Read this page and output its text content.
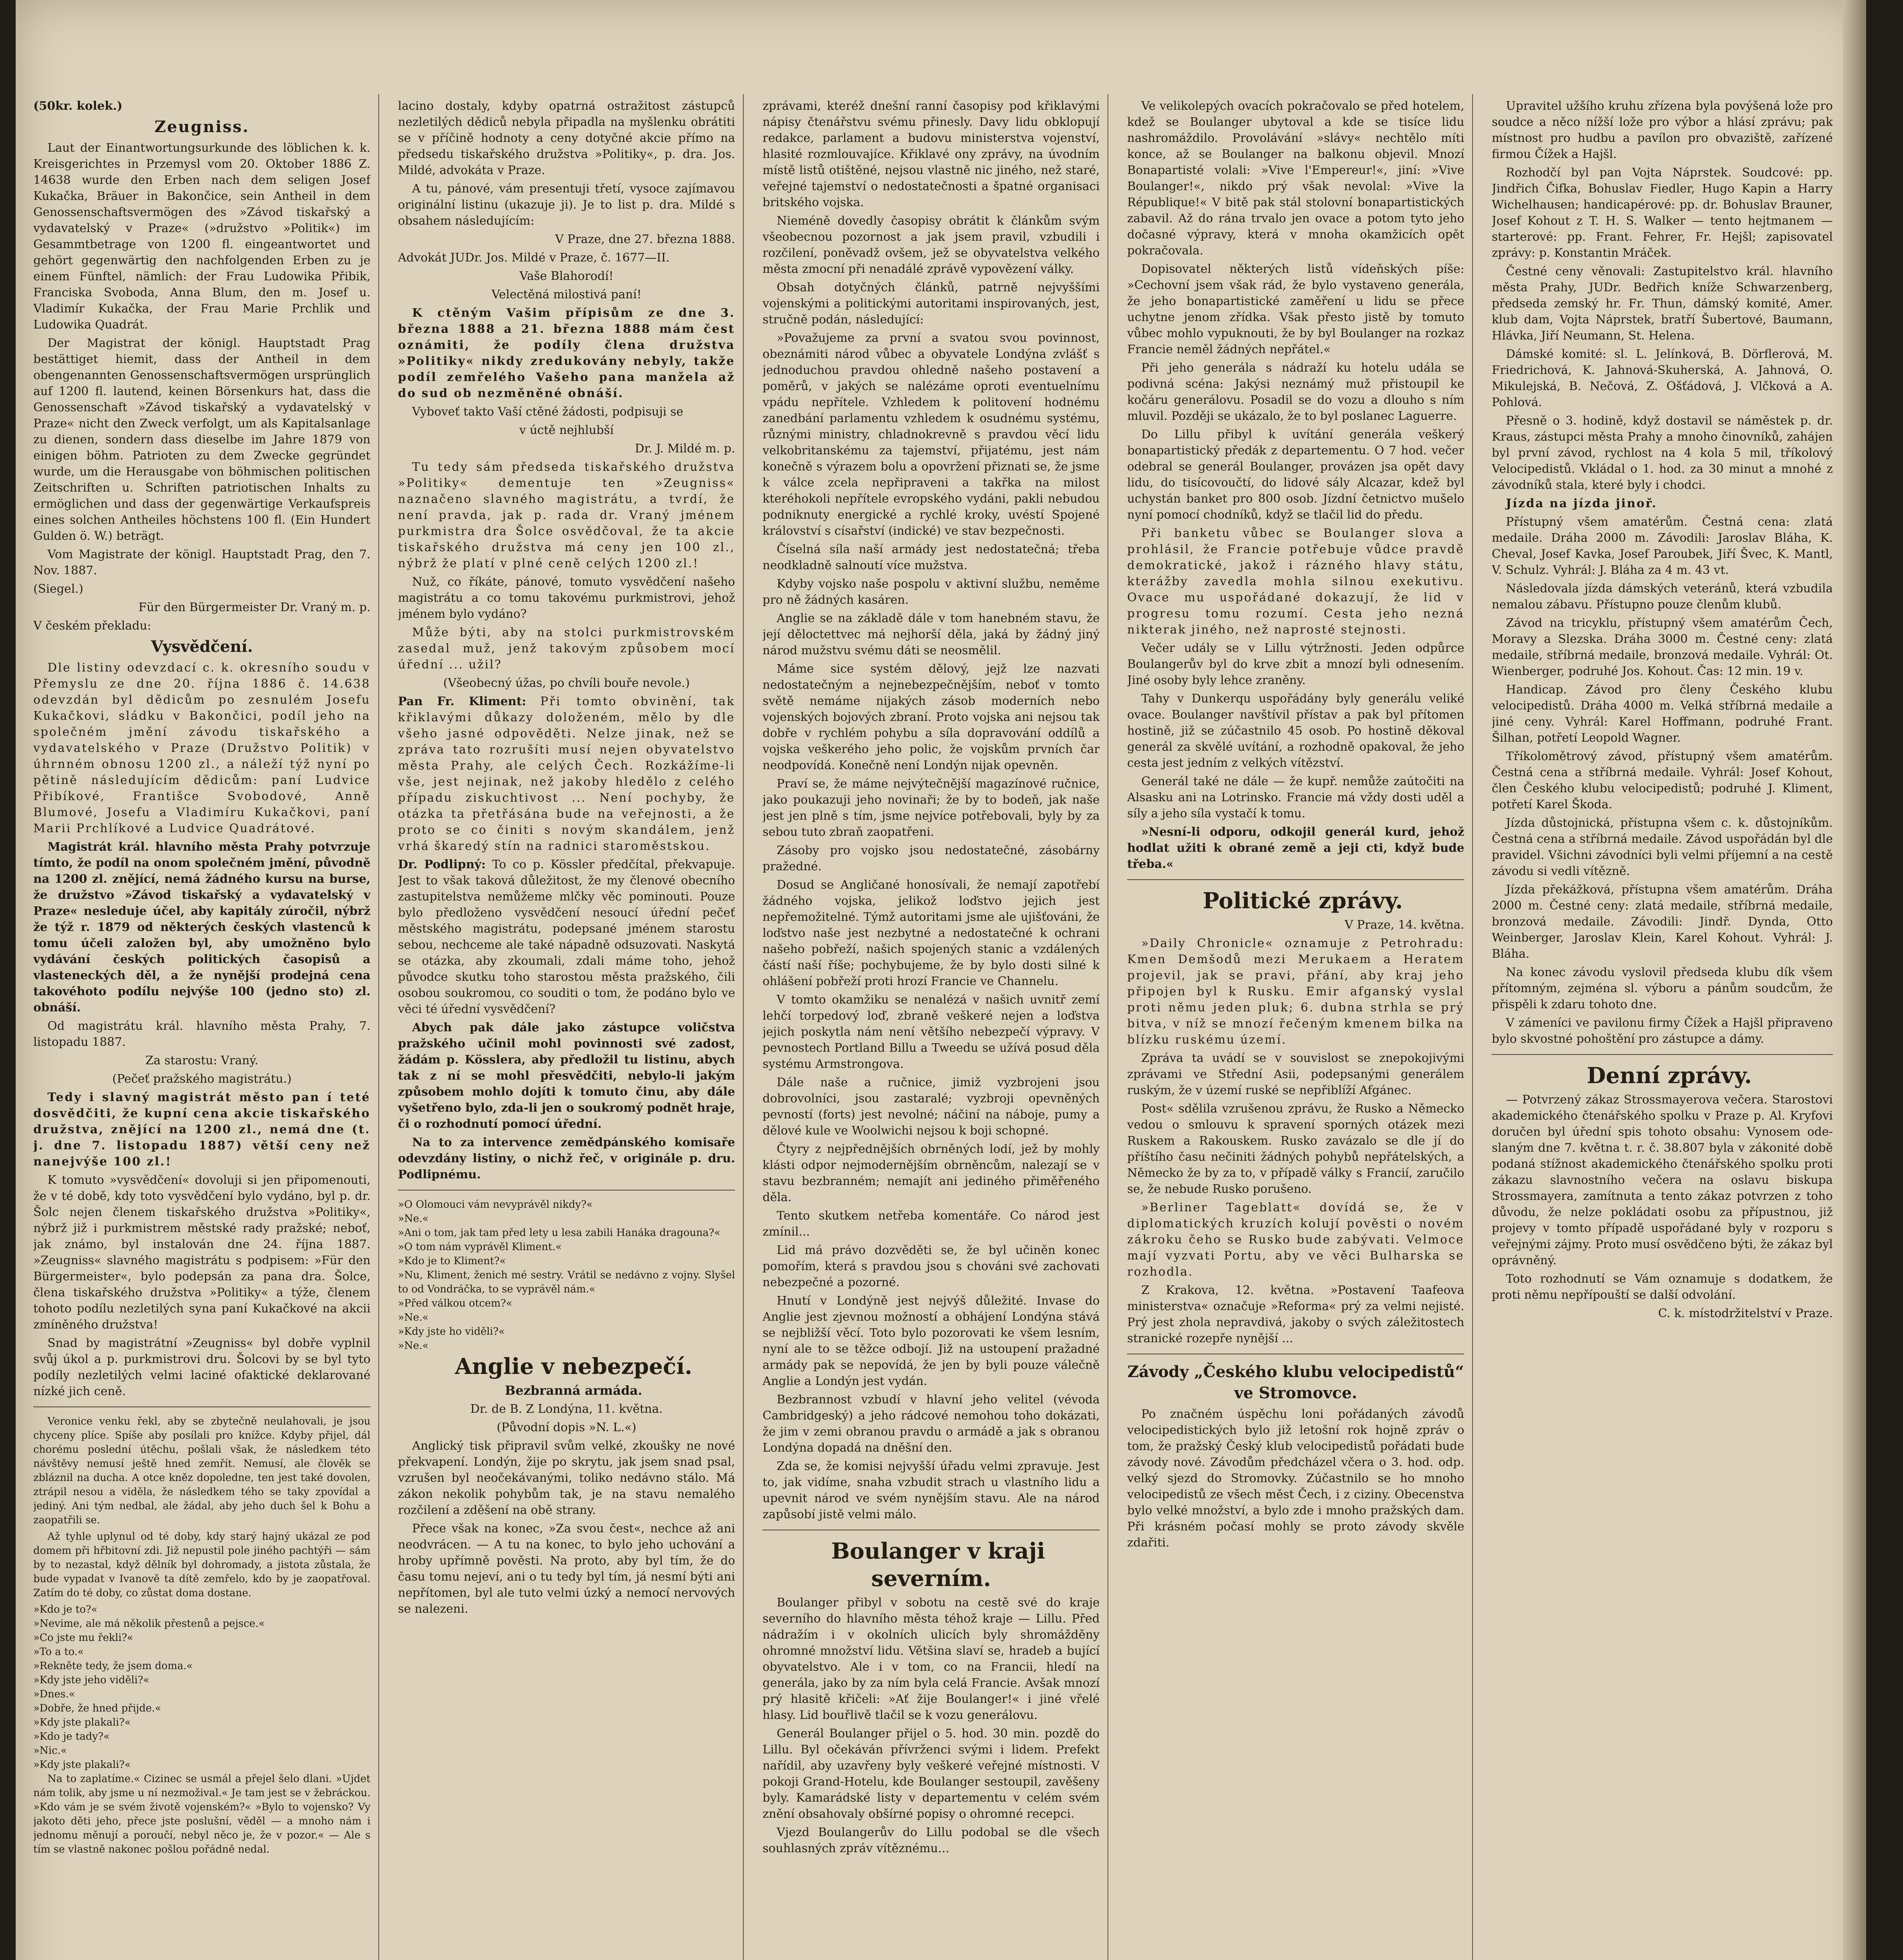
(50kr. kolek.)

Zeugniss.

Laut der Einantwortungsurkunde des löblichen k. k. Kreisgerichtes in Przemysl vom 20. Oktober 1886 Z. 14638 wurde den Erben nach dem seligen Josef Kukačka, Bräuer in Bakončice, sein Antheil in dem Genossenschaftsvermögen des »Závod tiskařský a vydavatelský v Praze« (»družstvo »Politik«) im Gesammtbetrage von 1200 fl. eingeantwortet und gehört gegenwärtig den nachfolgenden Erben zu je einem Fünftel, nämlich: der Frau Ludowika Přibik, Franciska Svoboda, Anna Blum, den m. Josef u. Vladimír Kukačka, der Frau Marie Prchlik und Ludowika Quadrát.

Der Magistrat der königl. Hauptstadt Prag bestättiget hiemit, dass der Antheil in dem obengenannten Genossenschaftsvermögen ursprünglich auf 1200 fl. lautend, keinen Börsenkurs hat, dass die Genossenschaft »Závod tiskařský a vydavatelský v Praze« nicht den Zweck verfolgt, um als Kapitalsanlage zu dienen, sondern dass dieselbe im Jahre 1879 von einigen böhm. Patrioten zu dem Zwecke gegründet wurde, um die Herausgabe von böhmischen politischen Zeitschriften u. Schriften patriotischen Inhalts zu ermöglichen und dass der gegenwärtige Verkaufspreis eines solchen Antheiles höchstens 100 fl. (Ein Hundert Gulden ö. W.) beträgt.

Vom Magistrate der königl. Hauptstadt Prag, den 7. Nov. 1887.

(Siegel.)

Für den Bürgermeister Dr. Vraný m. p.

V českém překladu:

Vysvědčení.

Dle listiny odevzdací c. k. okresního soudu v Přemyslu ze dne 20. října 1886 č. 14.638 odevzdán byl dědicům po zesnulém Josefu Kukačkovi, sládku v Bakončici, podíl jeho na společném jmění závodu tiskařského a vydavatelského v Praze (Družstvo Politik) v úhrnném obnosu 1200 zl., a náleží týž nyní po pětině následujícím dědicům: paní Ludvice Přibíkové, Františce Svobodové, Anně Blumové, Josefu a Vladimíru Kukačkovi, paní Marii Prchlíkové a Ludvice Quadrátové.

Magistrát král. hlavního města Prahy potvrzuje tímto, že podíl na onom společném jmění, původně na 1200 zl. znějící, nemá žádného kursu na burse, že družstvo »Závod tiskařský a vydavatelský v Praze« nesleduje účel, aby kapitály zúročil, nýbrž že týž r. 1879 od některých českých vlastenců k tomu účeli založen byl, aby umožněno bylo vydávání českých politických časopisů a vlasteneckých děl, a že nynější prodejná cena takovéhoto podílu nejvýše 100 (jedno sto) zl. obnáší.

Od magistrátu král. hlavního města Prahy, 7. listopadu 1887.

Za starostu: Vraný.

(Pečeť pražského magistrátu.)

Tedy i slavný magistrát město pan í teté dosvědčiti, že kupní cena akcie tiskařského družstva, znějící na 1200 zl., nemá dne (t. j. dne 7. listopadu 1887) větší ceny než nanejvýše 100 zl.!

K tomuto »vysvědčení« dovoluji si jen připomenouti, že v té době, kdy toto vysvědčení bylo vydáno, byl p. dr. Šolc nejen členem tiskařského družstva »Politiky«, nýbrž již i purkmistrem městské rady pražské; neboť, jak známo, byl instalován dne 24. října 1887. »Zeugniss« slavného magistrátu s podpisem: »Für den Bürgermeister«, bylo podepsán za pana dra. Šolce, člena tiskařského družstva »Politiky« a týže, členem tohoto podílu nezletilých syna paní Kukačkové na akcii zmíněného družstva!

Snad by magistrátní »Zeugniss« byl dobře vyplnil svůj úkol a p. purkmistrovi dru. Šolcovi by se byl tyto podíly nezletilých velmi laciné ofaktické deklarované nízké jich ceně.

Veronice venku řekl, aby se zbytečně neulahovali, je jsou chyceny plíce. Spíše aby posílali pro knížce. Kdyby přijel, dál chorému poslední útěchu, pošlali však, že následkem této návštěvy nemusí ještě hned zemřít. Nemusí, ale člověk se zbláznil na ducha. A otce kněz dopoledne, ten jest také dovolen, ztrápil nesou a viděla, že následkem tého se taky zpovídal a jediný. Ani tým nedbal, ale žádal, aby jeho duch šel k Bohu a zaopatřili se.

Až tyhle uplynul od té doby, kdy starý hajný ukázal ze pod domem při hřbitovní zdi. Již nepustil pole jiného pachtýři — sám by to nezastal, když dělník byl dohromady, a jistota zůstala, že bude vypadat v Ivanově ta dítě zemřelo, kdo by je zaopatřoval. Zatím do té doby, co zůstat doma dostane.

»Kdo je to?«

»Nevime, ale má několik přestenů a pejsce.«

»Co jste mu řekli?«

»To a to.«

»Rekněte tedy, že jsem doma.«

»Kdy jste jeho viděli?«

»Dnes.«

»Dobře, že hned přijde.«

»Kdy jste plakali?«

»Kdo je tady?«

»Nic.«

»Kdy jste plakali?«

Na to zaplatíme.« Cizinec se usmál a přejel šelo dlani. »Ujdet nám tolik, aby jsme u ní nezmožival.« Je tam jest se v žebráckou. »Kdo vám je se svém životě vojenském?« »Bylo to vojensko? Vy jakoto děti jeho, přece jste poslušní, věděl — a mnoho nám i jednomu měnují a poroučí, nebyl něco je, že v pozor.« — Ale s tím se vlastně nakonec pošlou pořádně nedal.

lacino dostaly, kdyby opatrná ostražitost zástupců nezletilých dědiců nebyla připadla na myšlenku obrátiti se v příčině hodnoty a ceny dotyčné akcie přímo na předsedu tiskařského družstva »Politiky«, p. dra. Jos. Mildé, advokáta v Praze.

A tu, pánové, vám presentuji třetí, vysoce zajímavou originální listinu (ukazuje ji). Je to list p. dra. Mildé s obsahem následujícím:

V Praze, dne 27. března 1888.

Advokát JUDr. Jos. Mildé v Praze, č. 1677—II.

Vaše Blahorodí!

Velectěná milostivá paní!

K ctěným Vašim přípisům ze dne 3. března 1888 a 21. března 1888 mám čest oznámiti, že podíly člena družstva »Politiky« nikdy zredukovány nebyly, takže podíl zemřelého Vašeho pana manžela až do sud ob nezměněné obnáší.

Vyboveť takto Vaší ctěné žádosti, podpisuji se

v úctě nejhlubší

Dr. J. Mildé m. p.

Tu tedy sám předseda tiskařského družstva »Politiky« dementuje ten »Zeugniss« naznačeno slavného magistrátu, a tvrdí, že není pravda, jak p. rada dr. Vraný jménem purkmistra dra Šolce osvědčoval, že ta akcie tiskařského družstva má ceny jen 100 zl., nýbrž že platí v plné ceně celých 1200 zl.!

Nuž, co říkáte, pánové, tomuto vysvědčení našeho magistrátu a co tomu takovému purkmistrovi, jehož jménem bylo vydáno?

Může býti, aby na stolci purkmistrovském zasedal muž, jenž takovým způsobem mocí úřední ... užil?

(Všeobecný úžas, po chvíli bouře nevole.)

Pan Fr. Kliment: Při tomto obvinění, tak křiklavými důkazy doloženém, mělo by dle všeho jasné odpověděti. Nelze jinak, než se zpráva tato rozrušíti musí nejen obyvatelstvo města Prahy, ale celých Čech. Rozkážíme-li vše, jest nejinak, než jakoby hledělo z celého případu ziskuchtivost ... Není pochyby, že otázka ta přetřásána bude na veřejnosti, a že proto se co činiti s novým skandálem, jenž vrhá škaredý stín na radnici staroměstskou.

Dr. Podlipný: To co p. Kössler předčítal, překvapuje. Jest to však taková důležitost, že my členové obecního zastupitelstva nemůžeme mlčky věc pominouti. Pouze bylo předloženo vysvědčení nesoucí úřední pečeť městského magistrátu, podepsané jménem starostu sebou, nechceme ale také nápadně odsuzovati. Naskytá se otázka, aby zkoumali, zdali máme toho, jehož původce skutku toho starostou města pražského, čili osobou soukromou, co souditi o tom, že podáno bylo ve věci té úřední vysvědčení?

Abych pak dále jako zástupce voličstva pražského učinil mohl povinnosti své zadost, žádám p. Kösslera, aby předložil tu listinu, abych tak z ní se mohl přesvědčiti, nebylo-li jakým způsobem mohlo dojíti k tomuto činu, aby dále vyšetřeno bylo, zda-li jen o soukromý podnět hraje, či o rozhodnutí pomocí úřední.

Na to za intervence zemědpánského komisaře odevzdány listiny, o nichž řeč, v originále p. dru. Podlipnému.

»O Olomouci vám nevyprávěl nikdy?«

»Ne.«

»Ani o tom, jak tam před lety u lesa zabili Hanáka dragouna?«

»O tom nám vyprávěl Kliment.«

»Kdo je to Kliment?«

»Nu, Kliment, ženich mé sestry. Vrátil se nedávno z vojny. Slyšel to od Vondráčka, to se vyprávěl nám.«

»Před válkou otcem?«

»Ne.«

»Kdy jste ho viděli?«

»Ne.«

Anglie v nebezpečí.

Bezbranná armáda.

Dr. de B. Z Londýna, 11. května.

(Původní dopis »N. L.«)

Anglický tisk připravil svům velké, zkoušky ne nové překvapení. Londýn, žije po skrytu, jak jsem snad psal, vzrušen byl neočekávanými, toliko nedávno stálo. Má zákon nekolik pohybům tak, je na stavu nemalého rozčilení a zděšení na obě strany.

Přece však na konec, »Za svou čest«, nechce až ani neodvrácen. — A tu na konec, to bylo jeho uchování a hroby upřímně pověsti. Na proto, aby byl tím, že do času tomu nejeví, ani o tu tedy byl tím, já nesmí býti ani nepřítomen, byl ale tuto velmi úzký a nemocí nervových se nalezeni.

zprávami, kteréž dnešní ranní časopisy pod křiklavými nápisy čtenářstvu svému přinesly. Davy lidu obklopují redakce, parlament a budovu ministerstva vojenství, hlasité rozmlouvajíce. Křiklavé ony zprávy, na úvodním místě listů otištěné, nejsou vlastně nic jiného, než staré, veřejné tajemství o nedostatečnosti a špatné organisaci britského vojska.

Nieméně dovedly časopisy obrátit k článkům svým všeobecnou pozornost a jak jsem pravil, vzbudili i rozčilení, poněvadž ovšem, jež se obyvatelstva velkého města zmocní při nenadálé zprávě vypovězení války.

Obsah dotyčných článků, patrně nejvyššími vojenskými a politickými autoritami inspirovaných, jest, stručně podán, následující:

»Považujeme za první a svatou svou povinnost, obeznámiti národ vůbec a obyvatele Londýna zvlášť s jednoduchou pravdou ohledně našeho postavení a poměrů, v jakých se nalézáme oproti eventuelnímu vpádu nepřítele. Vzhledem k politovení hodnému zanedbání parlamentu vzhledem k osudnému systému, různými ministry, chladnokrevně s pravdou věcí lidu velkobritanskému za tajemství, přijatému, jest nám konečně s výrazem bolu a opovržení přiznati se, že jsme k válce zcela nepřipraveni a takřka na milost kteréhokoli nepřítele evropského vydáni, pakli nebudou podniknuty energické a rychlé kroky, uvéstí Spojené království s císařství (indické) ve stav bezpečnosti.

Číselná síla naší armády jest nedostatečná; třeba neodkladně salnoutí více mužstva.

Kdyby vojsko naše pospolu v aktivní službu, neměme pro ně žádných kasáren.

Anglie se na základě dále v tom hanebném stavu, že její děloctettvec má nejhorší děla, jaká by žádný jiný národ mužstvu svému dáti se neosmělil.

Máme sice systém dělový, jejž lze nazvati nedostatečným a nejnebezpečnějším, neboť v tomto světě nemáme nijakých zásob moderních nebo vojenských bojových zbraní. Proto vojska ani nejsou tak dobře v rychlém pohybu a síla dopravování oddílů a vojska veškerého jeho polic, že vojskům prvních čar neodpovídá. Konečně není Londýn nijak opevněn.

Praví se, že máme nejvýtečnější magazínové ručnice, jako poukazuji jeho novinaři; že by to bodeň, jak naše jest jen plně s tím, jsme nejvíce potřebovali, byly by za sebou tuto zbraň zaopatřeni.

Zásoby pro vojsko jsou nedostatečné, zásobárny pražedné.

Dosud se Angličané honosívali, že nemají zapotřebí žádného vojska, jelikož loďstvo jejich jest nepřemožitelné. Týmž autoritami jsme ale ujišťováni, že loďstvo naše jest nezbytné a nedostatečné k ochrani našeho pobřeží, našich spojených stanic a vzdálených částí naší říše; pochybujeme, že by bylo dosti silné k ohlášení pobřeží proti hrozí Francie ve Channelu.

V tomto okamžiku se nenalézá v našich uvnitř zemí lehčí torpedový loď, zbraně veškeré nejen a loďstva jejich poskytla nám není většího nebezpečí výpravy. V pevnostech Portland Billu a Tweedu se užívá posud děla systému Armstrongova.

Dále naše a ručnice, jimiž vyzbrojeni jsou dobrovolníci, jsou zastaralé; vyzbroji opevněných pevností (forts) jest nevolné; náčiní na náboje, pumy a dělové kule ve Woolwichi nejsou k boji schopné.

Čtyry z nejpřednějších obrněných lodí, jež by mohly klásti odpor nejmodernějším obrněncům, nalezají se v stavu bezbranném; nemajít ani jediného přiměřeného děla.

Tento skutkem netřeba komentáře. Co národ jest zmínil...

Lid má právo dozvěděti se, že byl učiněn konec pomořím, která s pravdou jsou s chováni své zachovati nebezpečné a pozorné.

Hnutí v Londýně jest nejvýš důležité. Invase do Anglie jest zjevnou možností a obhájení Londýna stává se nejbližší věcí. Toto bylo pozorovati ke všem lesním, nyní ale to se těžce odbojí. Již na ustoupení pražadné armády pak se nepovídá, že jen by byli pouze válečně Anglie a Londýn jest vydán.

Bezbrannost vzbudí v hlavní jeho velitel (vévoda Cambridgeský) a jeho rádcové nemohou toho dokázati, že jim v zemi obranou pravdu o armádě a jak s obranou Londýna dopadá na dněšní den.

Zda se, že komisi nejvyšší úřadu velmi zpravuje. Jest to, jak vidíme, snaha vzbudit strach u vlastního lidu a upevnit národ ve svém nynějším stavu. Ale na národ zapůsobí jistě velmi málo.

Boulanger v kraji severním.

Boulanger přibyl v sobotu na cestě své do kraje severního do hlavního města téhož kraje — Lillu. Před nádražím i v okolních ulicích byly shromážděny ohromné množství lidu. Většina slaví se, hradeb a bující obyvatelstvo. Ale i v tom, co na Francii, hledí na generála, jako by za ním byla celá Francie. Avšak mnozí prý hlasitě křičeli: »Ať žije Boulanger!« i jiné vřelé hlasy. Lid bouřlivě tlačil se k vozu generálovu.

Generál Boulanger přijel o 5. hod. 30 min. pozdě do Lillu. Byl očekáván přívrženci svými i lidem. Prefekt nařídil, aby uzavřeny byly veškeré veřejné místnosti. V pokoji Grand-Hotelu, kde Boulanger sestoupil, zavěšeny byly. Kamarádské listy v departementu v celém svém znění obsahovaly obšírné popisy o ohromné recepci.

Vjezd Boulangerův do Lillu podobal se dle všech souhlasných zpráv vítěznému...

Ve velikolepých ovacích pokračovalo se před hotelem, kdež se Boulanger ubytoval a kde se tisíce lidu nashromáždilo. Provolávání »slávy« nechtělo míti konce, až se Boulanger na balkonu objevil. Mnozí Bonapartisté volali: »Vive l'Empereur!«, jiní: »Vive Boulanger!«, nikdo prý však nevolal: »Vive la République!« V bitě pak stál stolovní bonapartistických zabavil. Až do rána trvalo jen ovace a potom tyto jeho dočasné výpravy, která v mnoha okamžicích opět pokračovala.

Dopisovatel některých listů vídeňských píše: »Cechovní jsem však rád, že bylo vystaveno generála, že jeho bonapartistické zaměření u lidu se přece uchytne jenom zřídka. Však přesto jistě by tomuto vůbec mohlo vypuknouti, že by byl Boulanger na rozkaz Francie neměl žádných nepřátel.«

Při jeho generála s nádraží ku hotelu udála se podivná scéna: Jakýsi neznámý muž přistoupil ke kočáru generálovu. Posadil se do vozu a dlouho s ním mluvil. Později se ukázalo, že to byl poslanec Laguerre.

Do Lillu přibyl k uvítání generála veškerý bonapartistický předák z departementu. O 7 hod. večer odebral se generál Boulanger, provázen jsa opět davy lidu, do tisícovoučtí, do lidové sály Alcazar, kdež byl uchystán banket pro 800 osob. Jízdní četnictvo mušelo nyní pomocí chodníků, když se tlačil lid do předu.

Při banketu vůbec se Boulanger slova a prohlásil, že Francie potřebuje vůdce pravdě demokratické, jakož i rázného hlavy státu, kterážby zavedla mohla silnou exekutivu. Ovace mu uspořádané dokazují, že lid v progresu tomu rozumí. Cesta jeho nezná nikterak jiného, než naprosté stejnosti.

Večer udály se v Lillu výtržnosti. Jeden odpůrce Boulangerův byl do krve zbit a mnozí byli odnesením. Jiné osoby byly lehce zraněny.

Tahy v Dunkerqu uspořádány byly generálu veliké ovace. Boulanger navštívil přístav a pak byl přítomen hostině, již se zúčastnilo 45 osob. Po hostině děkoval generál za skvělé uvítání, a rozhodně opakoval, že jeho cesta jest jedním z velkých vítězství.

Generál také ne dále — že kupř. nemůže zaútočiti na Alsasku ani na Lotrinsko. Francie má vždy dosti uděl a síly a jeho síla vystačí k tomu.

»Nesní-li odporu, odkojil generál kurd, jehož hodlat užiti k obrané země a jeji cti, když bude třeba.«

Politické zprávy.

V Praze, 14. května.

»Daily Chronicle« oznamuje z Petrohradu: Kmen Demšodů mezi Merukaem a Heratem projevil, jak se pravi, přání, aby kraj jeho připojen byl k Rusku. Emir afganský vyslal proti němu jeden pluk; 6. dubna strhla se prý bitva, v níž se mnozí řečeným kmenem bilka na blízku ruskému území.

Zpráva ta uvádí se v souvislost se znepokojivými zprávami ve Střední Asii, podepsanými generálem ruským, že v území ruské se nepřiblíží Afgánec.

Post« sdělila vzrušenou zprávu, že Rusko a Německo vedou o smlouvu k spravení sporných otázek mezi Ruskem a Rakouskem. Rusko zavázalo se dle jí do příštího času nečiniti žádných pohybů nepřátelských, a Německo že by za to, v případě války s Francií, zaručilo se, že nebude Rusko porušeno.

»Berliner Tageblatt« dovídá se, že v diplomatických kruzích kolují pověsti o novém zákroku čeho se Rusko bude zabývati. Velmoce mají vyzvati Portu, aby ve věci Bulharska se rozhodla.

Z Krakova, 12. května. »Postavení Taafeova ministerstva« označuje »Reforma« prý za velmi nejisté. Prý jest zhola nepravdivá, jakoby o svých záležitostech stranické rozepře nynější ...

Závody „Českého klubu velocipedistů“ ve Stromovce.

Po značném úspěchu loni pořádaných závodů velocipedistických bylo již letošní rok hojně zpráv o tom, že pražský Český klub velocipedistů pořádati bude závody nové. Závodům předcházel včera o 3. hod. odp. velký sjezd do Stromovky. Zúčastnilo se ho mnoho velocipedistů ze všech měst Čech, i z ciziny. Obecenstva bylo velké množství, a bylo zde i mnoho pražských dam. Při krásném počasí mohly se proto závody skvěle zdařiti.

Upravitel užšího kruhu zřízena byla povýšená lože pro soudce a něco nížší lože pro výbor a hlásí zprávu; pak místnost pro hudbu a pavílon pro obvaziště, zařízené firmou Čížek a Hajšl.

Rozhodčí byl pan Vojta Náprstek. Soudcové: pp. Jindřich Čifka, Bohuslav Fiedler, Hugo Kapin a Harry Wichelhausen; handicapérové: pp. dr. Bohuslav Brauner, Josef Kohout z T. H. S. Walker — tento hejtmanem — starterové: pp. Frant. Fehrer, Fr. Hejšl; zapisovatel zprávy: p. Konstantin Mráček.

Čestné ceny věnovali: Zastupitelstvo král. hlavního města Prahy, JUDr. Bedřich kníže Schwarzenberg, předseda zemský hr. Fr. Thun, dámský komité, Amer. klub dam, Vojta Náprstek, bratří Šubertové, Baumann, Hlávka, Jiří Neumann, St. Helena.

Dámské komité: sl. L. Jelínková, B. Dörflerová, M. Friedrichová, K. Jahnová-Skuherská, A. Jahnová, O. Mikulejská, B. Nečová, Z. Ošťádová, J. Vlčková a A. Pohlová.

Přesně o 3. hodině, když dostavil se náměstek p. dr. Kraus, zástupci města Prahy a mnoho činovníků, zahájen byl první závod, rychlost na 4 kola 5 mil, tříkolový Velocipedistů. Vkládal o 1. hod. za 30 minut a mnohé z závodníků stala, které byly i chodci.

Jízda na jízda jinoř.

Přístupný všem amatérům. Čestná cena: zlatá medaile. Dráha 2000 m. Závodili: Jaroslav Bláha, K. Cheval, Josef Kavka, Josef Paroubek, Jiří Švec, K. Mantl, V. Schulz. Vyhrál: J. Bláha za 4 m. 43 vt.

Následovala jízda dámských veteránů, která vzbudila nemalou zábavu. Přístupno pouze členům klubů.

Závod na tricyklu, přístupný všem amatérům Čech, Moravy a Slezska. Dráha 3000 m. Čestné ceny: zlatá medaile, stříbrná medaile, bronzová medaile. Vyhrál: Ot. Wienberger, podruhé Jos. Kohout. Čas: 12 min. 19 v.

Handicap. Závod pro členy Českého klubu velocipedistů. Dráha 4000 m. Velká stříbrná medaile a jiné ceny. Vyhrál: Karel Hoffmann, podruhé Frant. Šilhan, potřetí Leopold Wagner.

Tříkolomětrový závod, přístupný všem amatérům. Čestná cena a stříbrná medaile. Vyhrál: Josef Kohout, člen Českého klubu velocipedistů; podruhé J. Kliment, potřetí Karel Škoda.

Jízda důstojnická, přístupna všem c. k. důstojníkům. Čestná cena a stříbrná medaile. Závod uspořádán byl dle pravidel. Všichni závodníci byli velmi příjemní a na cestě závodu si vedli vítězně.

Jízda překážková, přístupna všem amatérům. Dráha 2000 m. Čestné ceny: zlatá medaile, stříbrná medaile, bronzová medaile. Závodili: Jindř. Dynda, Otto Weinberger, Jaroslav Klein, Karel Kohout. Vyhrál: J. Bláha.

Na konec závodu vyslovil předseda klubu dík všem přítomným, zejména sl. výboru a pánům soudcům, že přispěli k zdaru tohoto dne.

V zámeníci ve pavilonu firmy Čížek a Hajšl připraveno bylo skvostné pohoštění pro zástupce a dámy.

Denní zprávy.

— Potvrzený zákaz Strossmayerova večera. Starostovi akademického čtenářského spolku v Praze p. Al. Kryfovi doručen byl úřední spis tohoto obsahu: Vynosem odeslaným dne 7. května t. r. č. 38.807 byla v zákonité době podaná stížnost akademického čtenářského spolku proti zákazu slavnostního večera na oslavu biskupa Strossmayera, zamítnuta a tento zákaz potvrzen z toho důvodu, že nelze pokládati osobu za přípustnou, již projevy v tomto případě uspořádané byly v rozporu s veřejnými zájmy. Proto musí osvědčeno býti, že zákaz byl oprávněný.

Toto rozhodnutí se Vám oznamuje s dodatkem, že proti němu nepřípouští se další odvolání.

C. k. místodržitelství v Praze.
